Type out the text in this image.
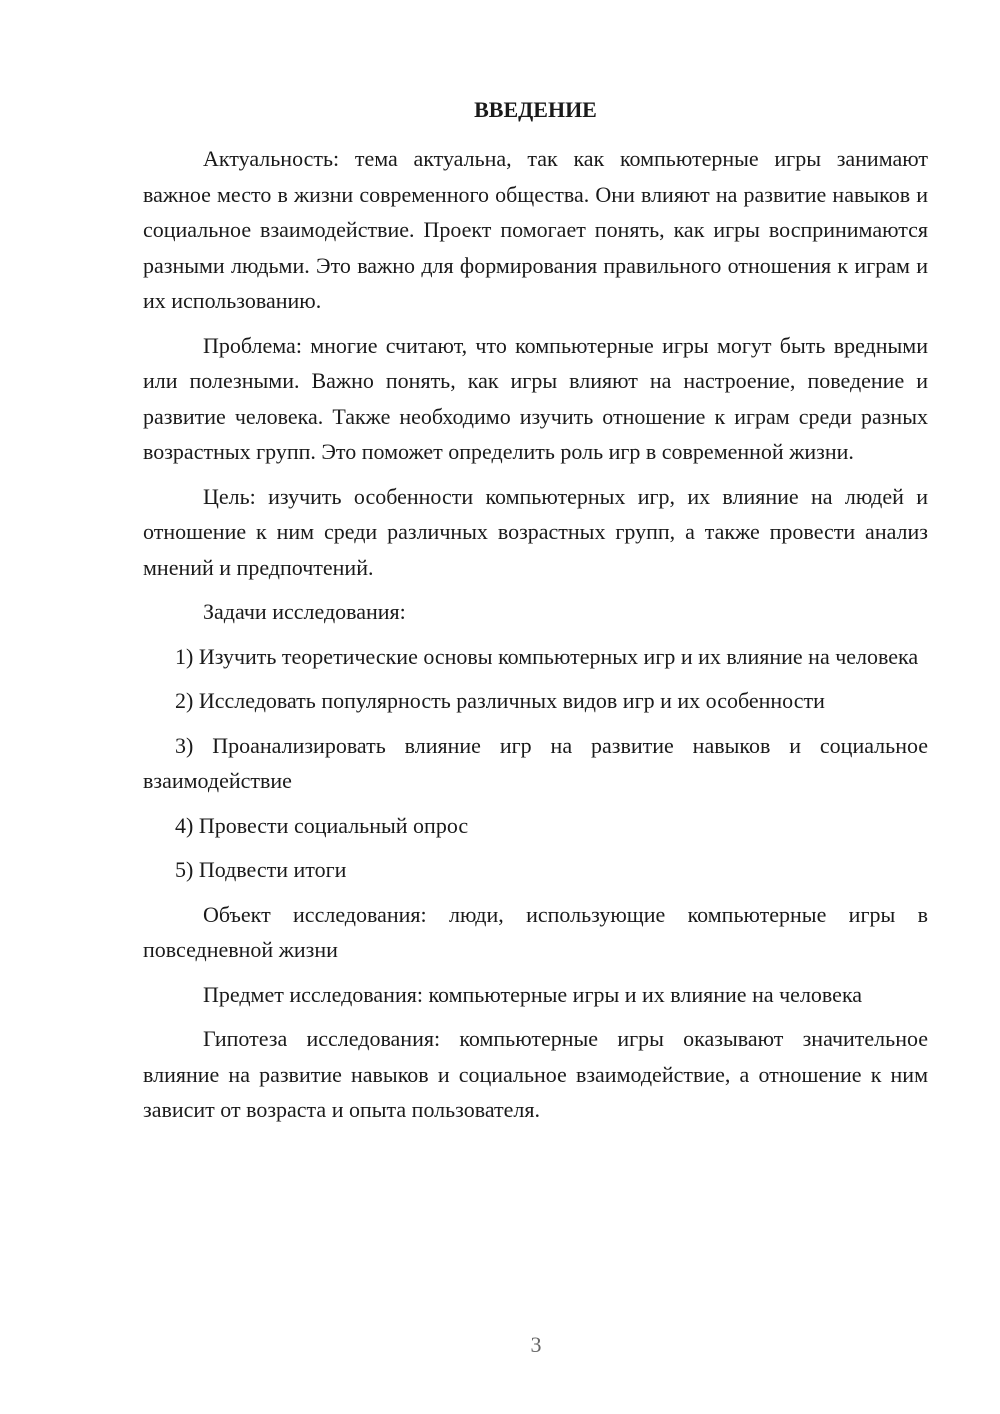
ВВЕДЕНИЕ

Актуальность: тема актуальна, так как компьютерные игры занимают важное место в жизни современного общества. Они влияют на развитие навыков и социальное взаимодействие. Проект помогает понять, как игры воспринимаются разными людьми. Это важно для формирования правильного отношения к играм и их использованию.

Проблема: многие считают, что компьютерные игры могут быть вредными или полезными. Важно понять, как игры влияют на настроение, поведение и развитие человека. Также необходимо изучить отношение к играм среди разных возрастных групп. Это поможет определить роль игр в современной жизни.

Цель: изучить особенности компьютерных игр, их влияние на людей и отношение к ним среди различных возрастных групп, а также провести анализ мнений и предпочтений.

Задачи исследования:

1) Изучить теоретические основы компьютерных игр и их влияние на человека

2) Исследовать популярность различных видов игр и их особенности

3) Проанализировать влияние игр на развитие навыков и социальное взаимодействие

4) Провести социальный опрос

5) Подвести итоги

Объект исследования: люди, использующие компьютерные игры в повседневной жизни

Предмет исследования: компьютерные игры и их влияние на человека

Гипотеза исследования: компьютерные игры оказывают значительное влияние на развитие навыков и социальное взаимодействие, а отношение к ним зависит от возраста и опыта пользователя.

3
